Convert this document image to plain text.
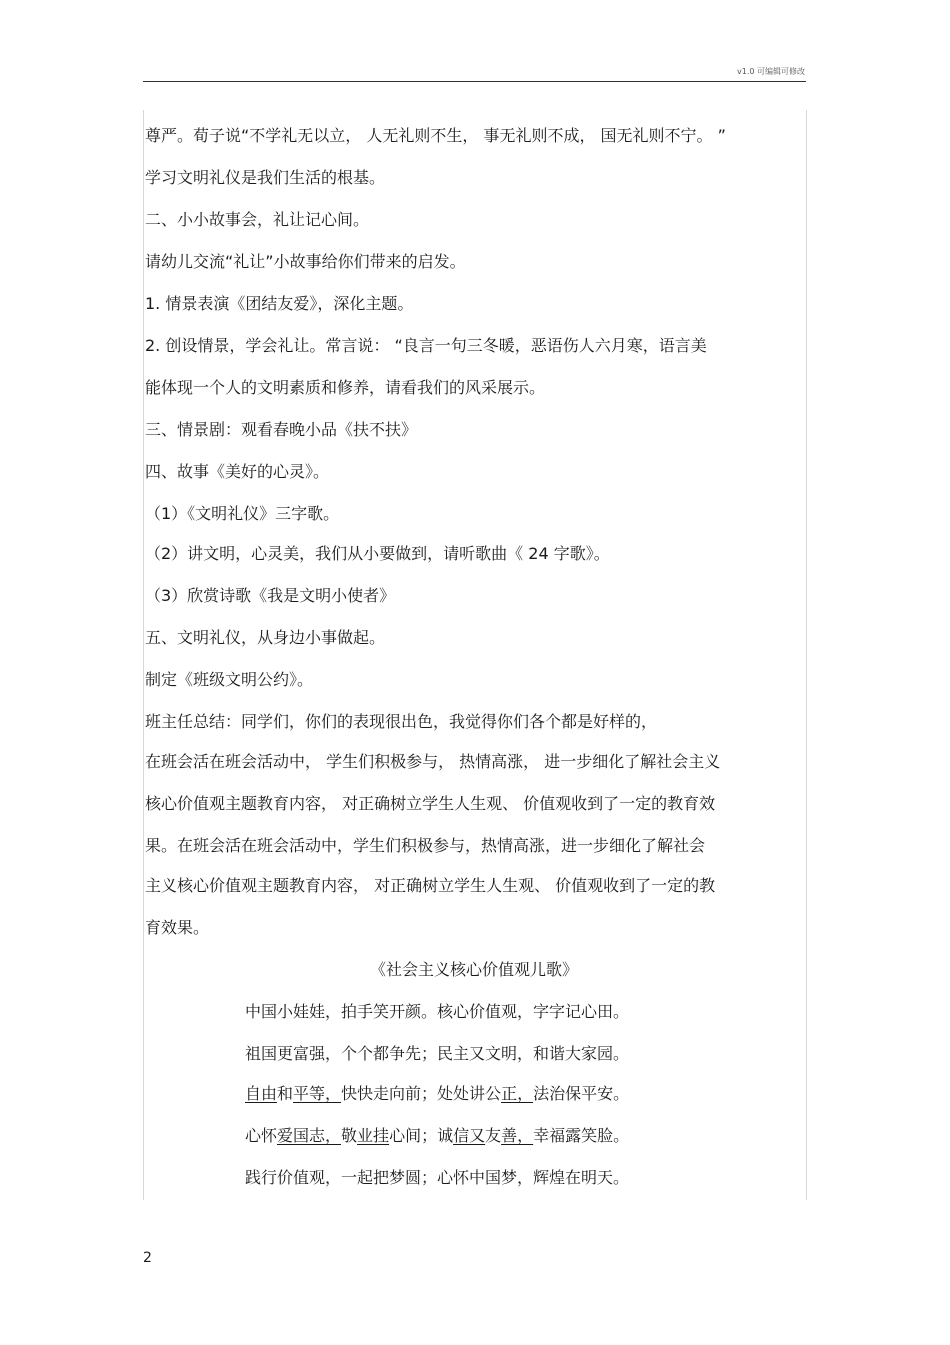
v1.0 可编辑可修改
尊严。荀子说“不学礼无以立， 人无礼则不生， 事无礼则不成， 国无礼则不宁。 ”
学习文明礼仪是我们生活的根基。
二、小小故事会，礼让记心间。
请幼儿交流“礼让”小故事给你们带来的启发。
1. 情景表演《团结友爱》，深化主题。
2. 创设情景，学会礼让。常言说： “良言一句三冬暖，恶语伤人六月寒，语言美
能体现一个人的文明素质和修养，请看我们的风采展示。
三、情景剧：观看春晚小品《扶不扶》
四、故事《美好的心灵》。
（1）《文明礼仪》三字歌。
（2）讲文明，心灵美，我们从小要做到，请听歌曲《 24 字歌》。
（3）欣赏诗歌《我是文明小使者》
五、文明礼仪，从身边小事做起。
制定《班级文明公约》。
班主任总结：同学们，你们的表现很出色，我觉得你们各个都是好样的，
在班会活在班会活动中， 学生们积极参与， 热情高涨， 进一步细化了解社会主义
核心价值观主题教育内容， 对正确树立学生人生观、 价值观收到了一定的教育效
果。在班会活在班会活动中，学生们积极参与，热情高涨，进一步细化了解社会
主义核心价值观主题教育内容， 对正确树立学生人生观、 价值观收到了一定的教
育效果。
《社会主义核心价值观儿歌》
中国小娃娃，拍手笑开颜。核心价值观，字字记心田。
祖国更富强，个个都争先；民主又文明，和谐大家园。
自由和平等，快快走向前；处处讲公正，法治保平安。
心怀爱国志，敬业挂心间；诚信又友善，幸福露笑脸。
践行价值观，一起把梦圆；心怀中国梦，辉煌在明天。
2
